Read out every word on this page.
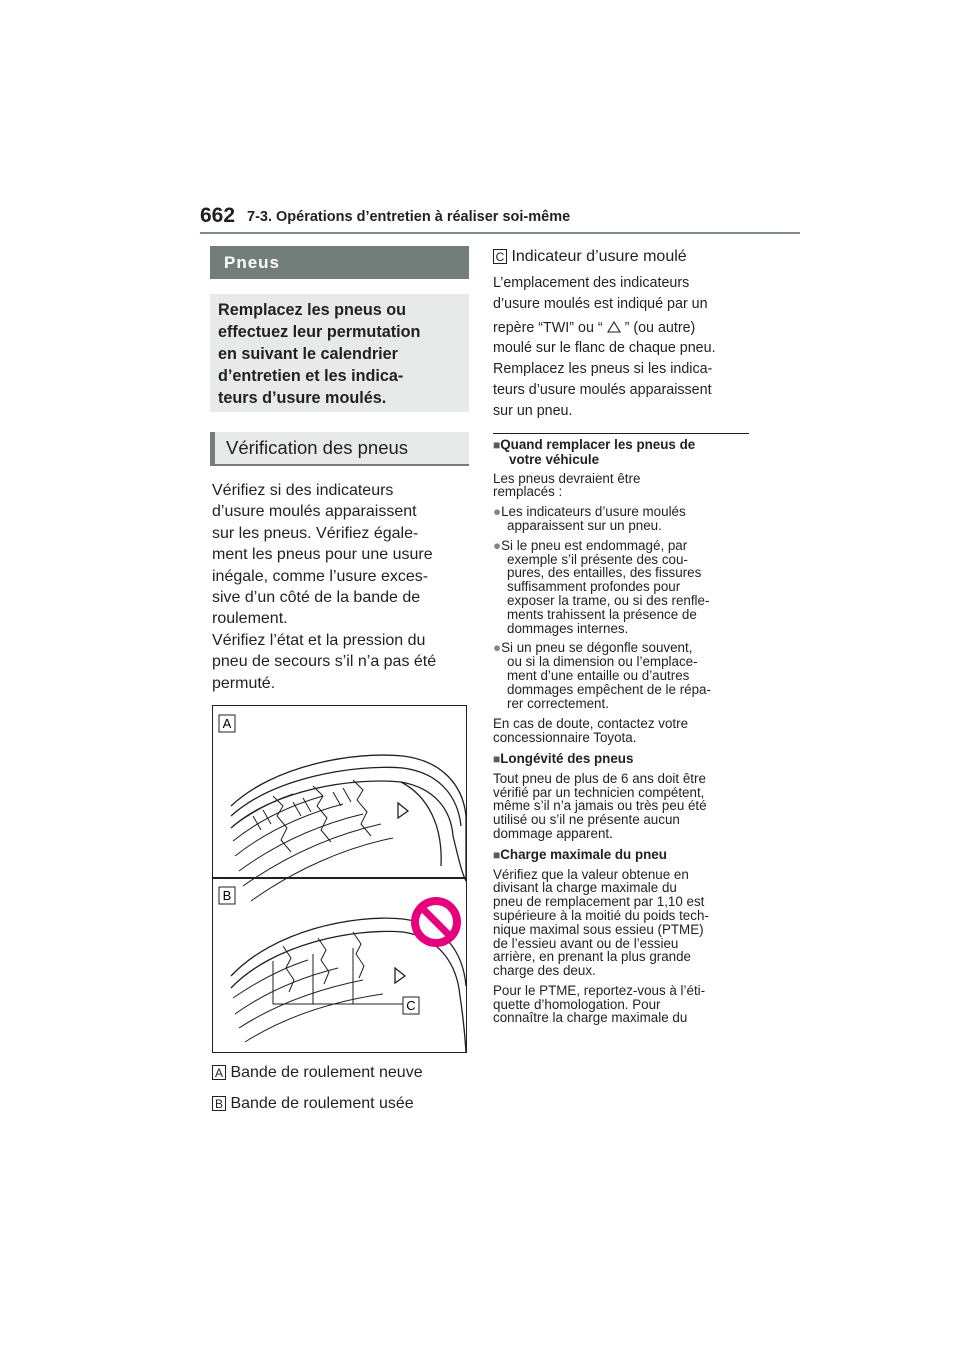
662 7-3. Opérations d’entretien à réaliser soi-même
Pneus
Remplacez les pneus ou
effectuez leur permutation
en suivant le calendrier
d’entretien et les indica-
teurs d’usure moulés.
Vérification des pneus
Vérifiez si des indicateurs
d’usure moulés apparaissent
sur les pneus. Vérifiez égale-
ment les pneus pour une usure
inégale, comme l’usure exces-
sive d’un côté de la bande de
roulement.
Vérifiez l’état et la pression du
pneu de secours s’il n’a pas été
permuté.
A
B
C
A Bande de roulement neuve
B Bande de roulement usée
C Indicateur d’usure moulé
L’emplacement des indicateurs
d’usure moulés est indiqué par un
repère “TWI” ou “  ” (ou autre)
moulé sur le flanc de chaque pneu.
Remplacez les pneus si les indica-
teurs d’usure moulés apparaissent
sur un pneu.
■Quand remplacer les pneus de
votre véhicule
Les pneus devraient être
remplacés :
●Les indicateurs d’usure moulés
apparaissent sur un pneu.
●Si le pneu est endommagé, par
exemple s’il présente des cou-
pures, des entailles, des fissures
suffisamment profondes pour
exposer la trame, ou si des renfle-
ments trahissent la présence de
dommages internes.
●Si un pneu se dégonfle souvent,
ou si la dimension ou l’emplace-
ment d’une entaille ou d’autres
dommages empêchent de le répa-
rer correctement.
En cas de doute, contactez votre
concessionnaire Toyota.
■Longévité des pneus
Tout pneu de plus de 6 ans doit être
vérifié par un technicien compétent,
même s’il n’a jamais ou très peu été
utilisé ou s’il ne présente aucun
dommage apparent.
■Charge maximale du pneu
Vérifiez que la valeur obtenue en
divisant la charge maximale du
pneu de remplacement par 1,10 est
supérieure à la moitié du poids tech-
nique maximal sous essieu (PTME)
de l’essieu avant ou de l’essieu
arrière, en prenant la plus grande
charge des deux.
Pour le PTME, reportez-vous à l’éti-
quette d’homologation. Pour
connaître la charge maximale du
